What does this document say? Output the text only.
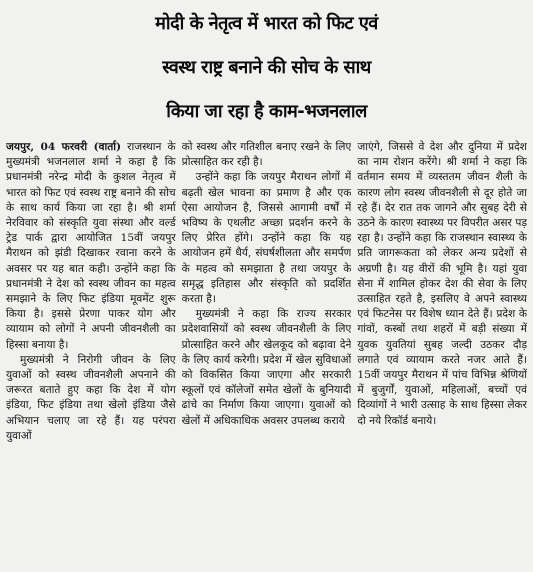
मोदी के नेतृत्व में भारत को फिट एवं
स्वस्थ राष्ट्र बनाने की सोच के साथ
किया जा रहा है काम-भजनलाल

जयपुर, 04 फरवरी (वार्ता) राजस्थान के मुख्यमंत्री भजनलाल शर्मा ने कहा है कि प्रधानमंत्री नरेन्द्र मोदी के कुशल नेतृत्व में भारत को फिट एवं स्वस्थ राष्ट्र बनाने की सोच के साथ कार्य किया जा रहा है। श्री शर्मा नेरविवार को संस्कृति युवा संस्था और वर्ल्ड ट्रेड पार्क द्वारा आयोजित 15वीं जयपुर मैराथन को झंडी दिखाकर रवाना करने के अवसर पर यह बात कही। उन्होंने कहा कि प्रधानमंत्री ने देश को स्वस्थ जीवन का महत्व समझाने के लिए फिट इंडिया मूवमेंट शुरू किया है। इससे प्रेरणा पाकर योग और व्यायाम को लोगों ने अपनी जीवनशैली का हिस्सा बनाया है।

मुख्यमंत्री ने निरोगी जीवन के लिए युवाओं को स्वस्थ जीवनशैली अपनाने की जरूरत बताते हुए कहा कि देश में योग इंडिया, फिट इंडिया तथा खेलो इंडिया जैसे अभियान चलाए जा रहे हैं। यह परंपरा युवाओं

को स्वस्थ और गतिशील बनाए रखने के लिए प्रोत्साहित कर रही है।

उन्होंने कहा कि जयपुर मैराथन लोगों में बढ़ती खेल भावना का प्रमाण है और एक ऐसा आयोजन है, जिससे आगामी वर्षों में भविष्य के एथलीट अच्छा प्रदर्शन करने के लिए प्रेरित होंगे। उन्होंने कहा कि यह आयोजन हमें धैर्य, संघर्षशीलता और समर्पण के महत्व को समझाता है तथा जयपुर के समृद्ध इतिहास और संस्कृति को प्रदर्शित करता है।

मुख्यमंत्री ने कहा कि राज्य सरकार प्रदेशवासियों को स्वस्थ जीवनशैली के लिए प्रोत्साहित करने और खेलकूद को बढ़ावा देने के लिए कार्य करेगी। प्रदेश में खेल सुविधाओं को विकसित किया जाएगा और सरकारी स्कूलों एवं कॉलेजों समेत खेलों के बुनियादी ढांचे का निर्माण किया जाएगा। युवाओं को खेलों में अधिकाधिक अवसर उपलब्ध कराये

जाएंगे, जिससे वे देश और दुनिया में प्रदेश का नाम रोशन करेंगे। श्री शर्मा ने कहा कि वर्तमान समय में व्यस्ततम जीवन शैली के कारण लोग स्वस्थ जीवनशैली से दूर होते जा रहे हैं। देर रात तक जागने और सुबह देरी से उठने के कारण स्वास्थ्य पर विपरीत असर पड़ रहा है। उन्होंने कहा कि राजस्थान स्वास्थ्य के प्रति जागरूकता को लेकर अन्य प्रदेशों से अग्रणी है। यह वीरों की भूमि है। यहां युवा सेना में शामिल होकर देश की सेवा के लिए उत्साहित रहते है, इसलिए वे अपने स्वास्थ्य एवं फिटनेस पर विशेष ध्यान देते हैं। प्रदेश के गांवों, कस्बों तथा शहरों में बड़ी संख्या में युवक युवतियां सुबह जल्दी उठकर दौड़ लगाते एवं व्यायाम करते नजर आते हैं। 15वीं जयपुर मैराथन में पांच विभिन्न श्रेणियों में बुजुर्गों, युवाओं, महिलाओं, बच्चों एवं दिव्यांगों ने भारी उत्साह के साथ हिस्सा लेकर दो नये रिकॉर्ड बनाये।
